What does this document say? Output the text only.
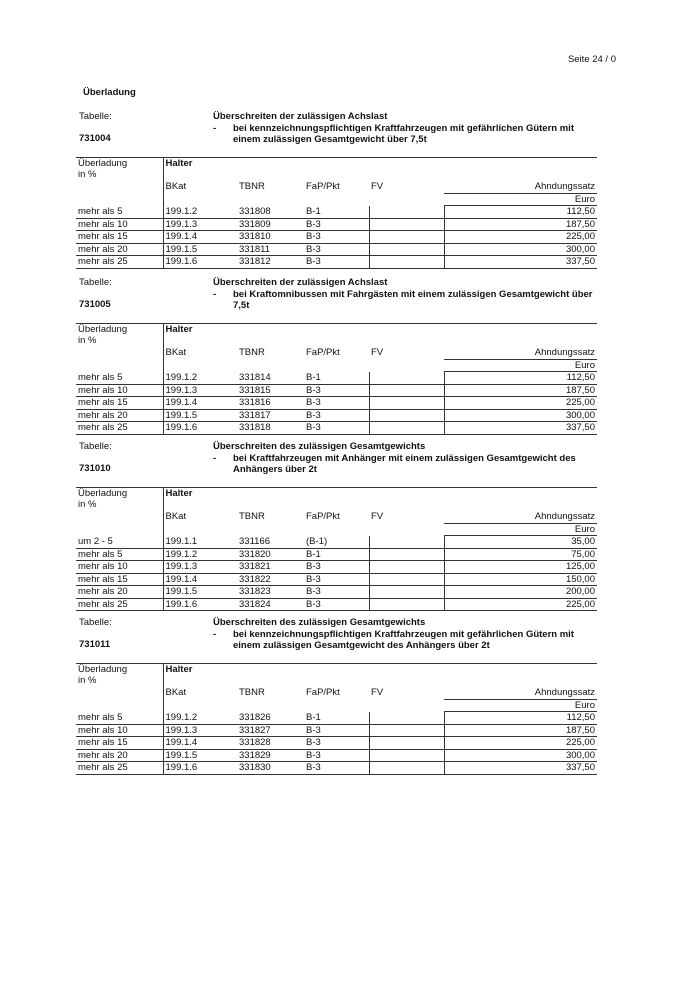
Seite 24 / 0
Überladung
Tabelle:
731004
Überschreiten der zulässigen Achslast
- bei kennzeichnungspflichtigen Kraftfahrzeugen mit gefährlichen Gütern mit einem zulässigen Gesamtgewicht über 7,5t
Überladung
in %	Halter				
	BKat	TBNR	FaP/Pkt	FV	Ahndungssatz
					Euro
mehr als 5	199.1.2	331808	B-1		112,50
mehr als 10	199.1.3	331809	B-3		187,50
mehr als 15	199.1.4	331810	B-3		225,00
mehr als 20	199.1.5	331811	B-3		300,00
mehr als 25	199.1.6	331812	B-3		337,50
Tabelle:
731005
Überschreiten der zulässigen Achslast
- bei Kraftomnibussen mit Fahrgästen mit einem zulässigen Gesamtgewicht über 7,5t
Überladung
in %	Halter				
	BKat	TBNR	FaP/Pkt	FV	Ahndungssatz
					Euro
mehr als 5	199.1.2	331814	B-1		112,50
mehr als 10	199.1.3	331815	B-3		187,50
mehr als 15	199.1.4	331816	B-3		225,00
mehr als 20	199.1.5	331817	B-3		300,00
mehr als 25	199.1.6	331818	B-3		337,50
Tabelle:
731010
Überschreiten des zulässigen Gesamtgewichts
- bei Kraftfahrzeugen mit Anhänger mit einem zulässigen Gesamtgewicht des Anhängers über 2t
Überladung
in %	Halter				
	BKat	TBNR	FaP/Pkt	FV	Ahndungssatz
					Euro
um 2 - 5	199.1.1	331166	(B-1)		35,00
mehr als 5	199.1.2	331820	B-1		75,00
mehr als 10	199.1.3	331821	B-3		125,00
mehr als 15	199.1.4	331822	B-3		150,00
mehr als 20	199.1.5	331823	B-3		200,00
mehr als 25	199.1.6	331824	B-3		225,00
Tabelle:
731011
Überschreiten des zulässigen Gesamtgewichts
- bei kennzeichnungspflichtigen Kraftfahrzeugen mit gefährlichen Gütern mit einem zulässigen Gesamtgewicht des Anhängers über 2t
Überladung
in %	Halter				
	BKat	TBNR	FaP/Pkt	FV	Ahndungssatz
					Euro
mehr als 5	199.1.2	331826	B-1		112,50
mehr als 10	199.1.3	331827	B-3		187,50
mehr als 15	199.1.4	331828	B-3		225,00
mehr als 20	199.1.5	331829	B-3		300,00
mehr als 25	199.1.6	331830	B-3		337,50
